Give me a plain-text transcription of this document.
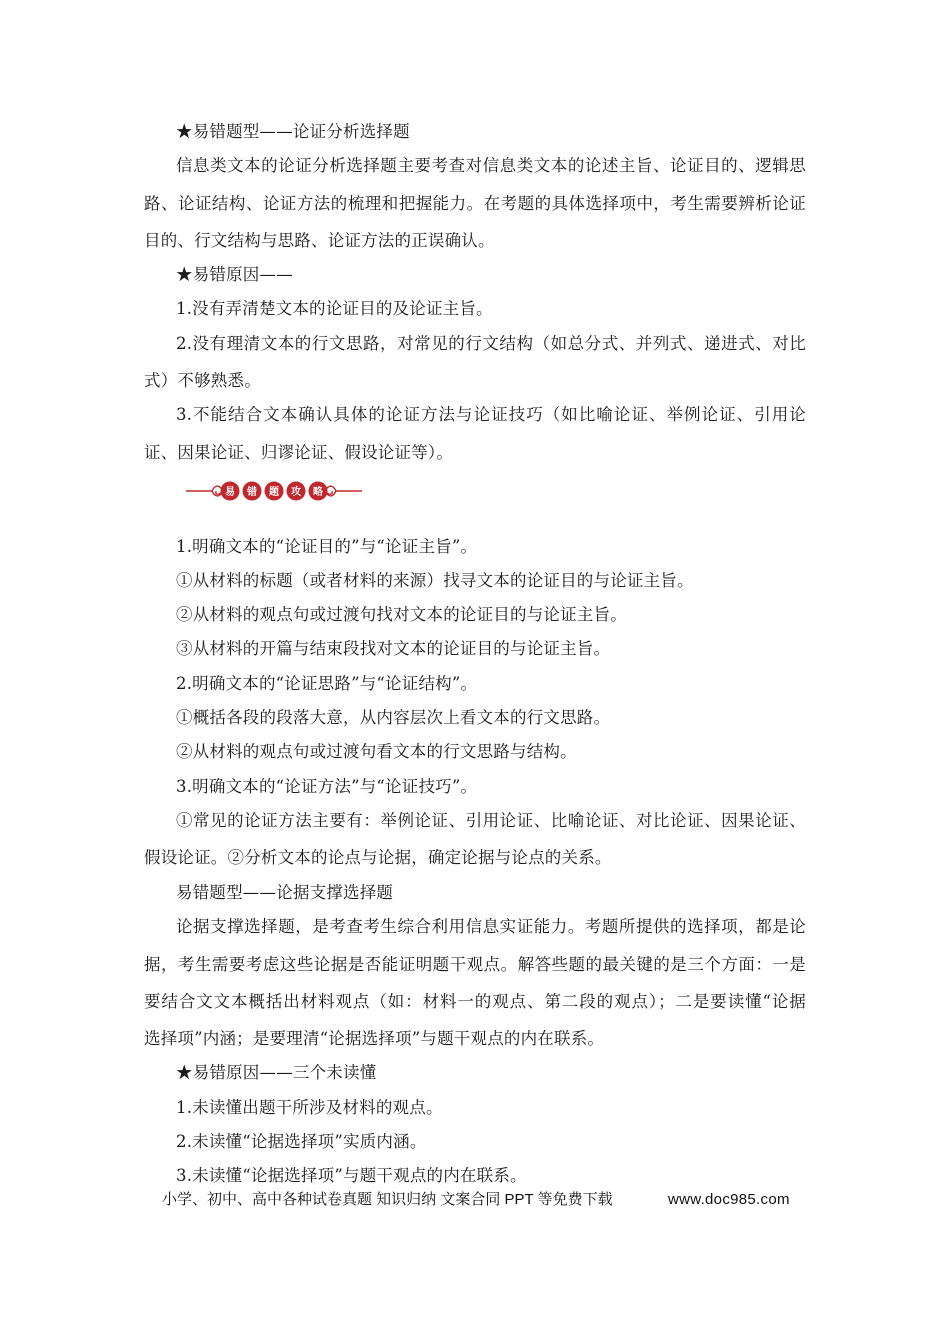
★易错题型——论证分析选择题
信息类文本的论证分析选择题主要考查对信息类文本的论述主旨、论证目的、逻辑思
路、论证结构、论证方法的梳理和把握能力。在考题的具体选择项中，考生需要辨析论证
目的、行文结构与思路、论证方法的正误确认。
★易错原因——
1.没有弄清楚文本的论证目的及论证主旨。
2.没有理清文本的行文思路，对常见的行文结构（如总分式、并列式、递进式、对比
式）不够熟悉。
3.不能结合文本确认具体的论证方法与论证技巧（如比喻论证、举例论证、引用论
证、因果论证、归谬论证、假设论证等）。
易 错 题 攻 略
1.明确文本的“论证目的”与“论证主旨”。
①从材料的标题（或者材料的来源）找寻文本的论证目的与论证主旨。
②从材料的观点句或过渡句找对文本的论证目的与论证主旨。
③从材料的开篇与结束段找对文本的论证目的与论证主旨。
2.明确文本的“论证思路”与“论证结构”。
①概括各段的段落大意，从内容层次上看文本的行文思路。
②从材料的观点句或过渡句看文本的行文思路与结构。
3.明确文本的“论证方法”与“论证技巧”。
①常见的论证方法主要有：举例论证、引用论证、比喻论证、对比论证、因果论证、
假设论证。②分析文本的论点与论据，确定论据与论点的关系。
易错题型——论据支撑选择题
论据支撑选择题，是考查考生综合利用信息实证能力。考题所提供的选择项，都是论
据，考生需要考虑这些论据是否能证明题干观点。解答些题的最关键的是三个方面：一是
要结合文文本概括出材料观点（如：材料一的观点、第二段的观点）；二是要读懂“论据
选择项”内涵；是要理清“论据选择项”与题干观点的内在联系。
★易错原因——三个未读懂
1.未读懂出题干所涉及材料的观点。
2.未读懂“论据选择项”实质内涵。
3.未读懂“论据选择项”与题干观点的内在联系。
小学、初中、高中各种试卷真题 知识归纳 文案合同 PPT 等免费下载	www.doc985.com
